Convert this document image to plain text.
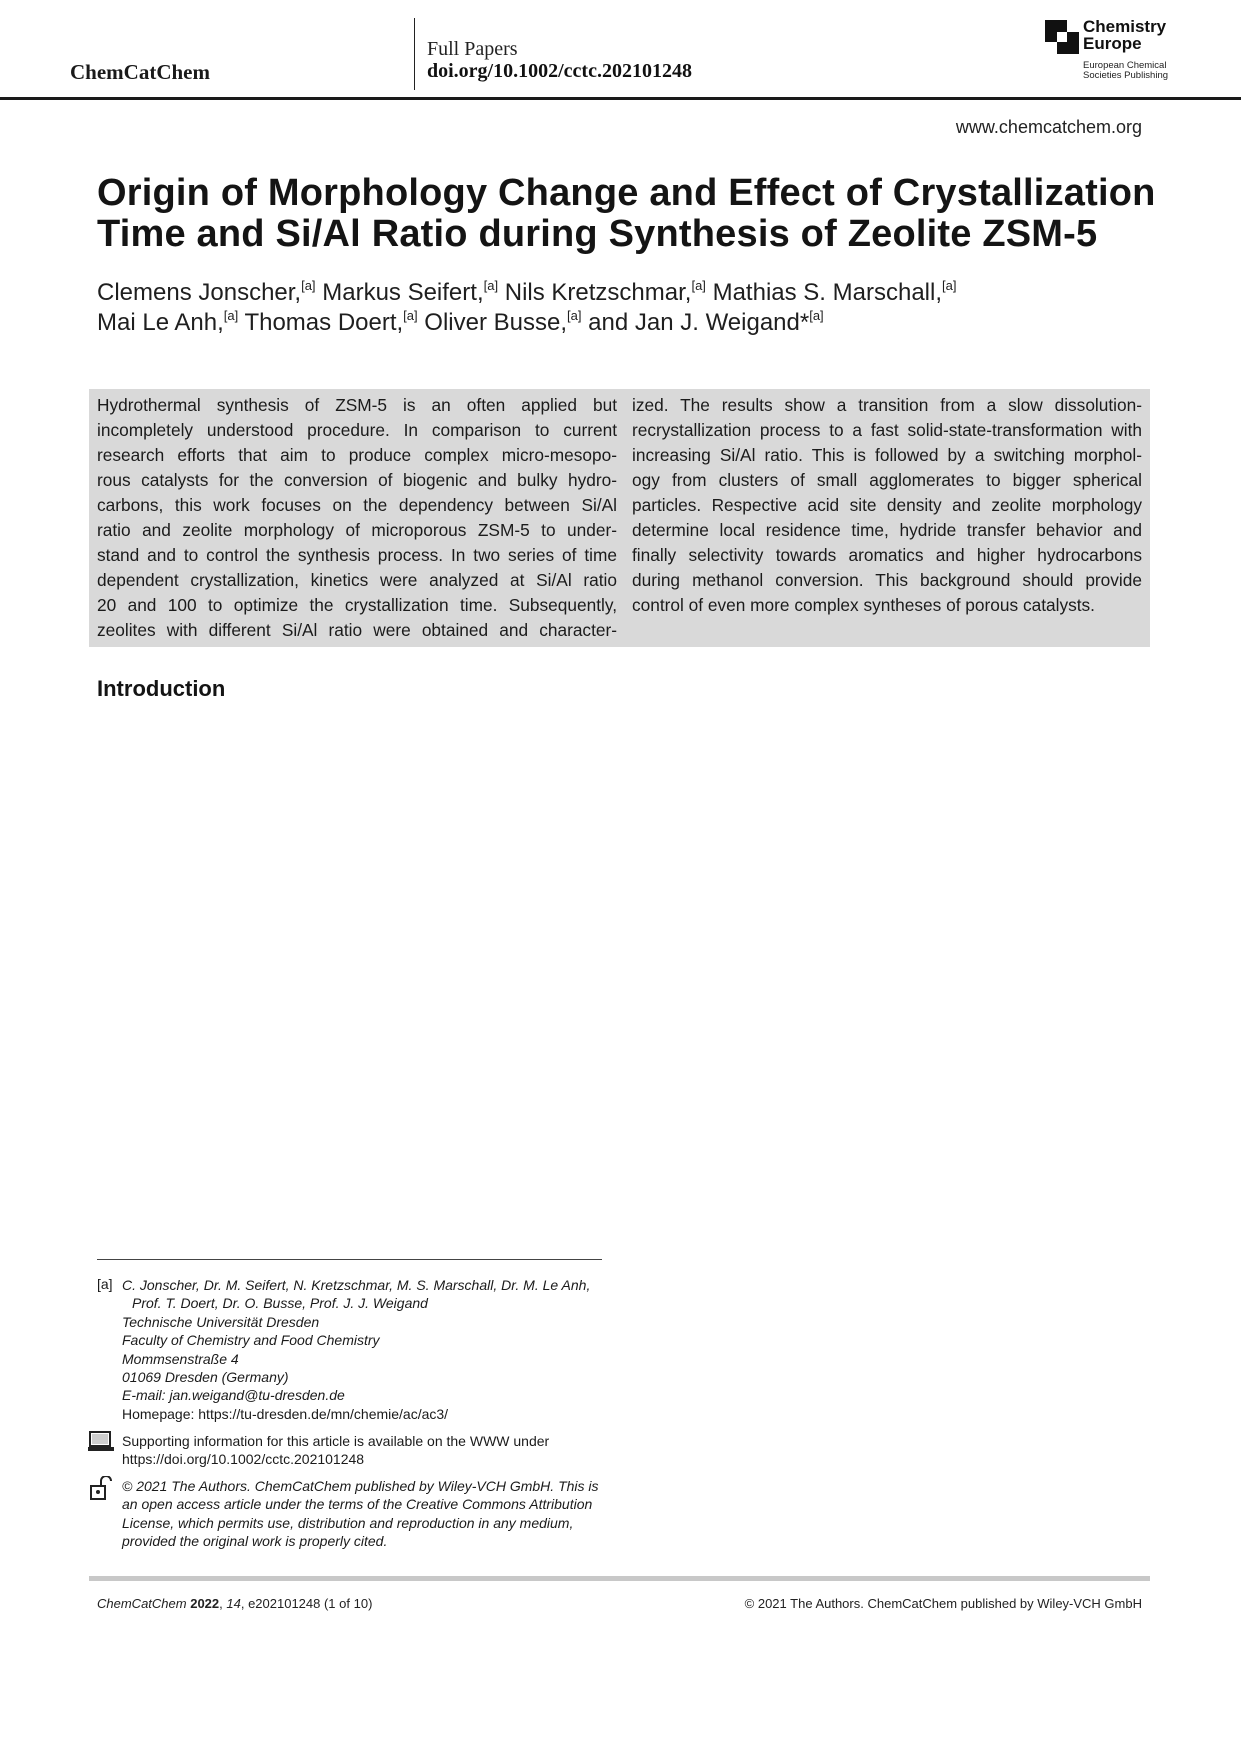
ChemCatChem
Full Papers
doi.org/10.1002/cctc.202101248
Chemistry
Europe
European Chemical
Societies Publishing
www.chemcatchem.org
Origin of Morphology Change and Effect of Crystallization
Time and Si/Al Ratio during Synthesis of Zeolite ZSM-5
Clemens Jonscher,[a] Markus Seifert,[a] Nils Kretzschmar,[a] Mathias S. Marschall,[a]
Mai Le Anh,[a] Thomas Doert,[a] Oliver Busse,[a] and Jan J. Weigand*[a]
Hydrothermal synthesis of ZSM-5 is an often applied but
incompletely understood procedure. In comparison to current
research efforts that aim to produce complex micro-mesopo-
rous catalysts for the conversion of biogenic and bulky hydro-
carbons, this work focuses on the dependency between Si/Al
ratio and zeolite morphology of microporous ZSM-5 to under-
stand and to control the synthesis process. In two series of time
dependent crystallization, kinetics were analyzed at Si/Al ratio
20 and 100 to optimize the crystallization time. Subsequently,
zeolites with different Si/Al ratio were obtained and character-
ized. The results show a transition from a slow dissolution-
recrystallization process to a fast solid-state-transformation with
increasing Si/Al ratio. This is followed by a switching morphol-
ogy from clusters of small agglomerates to bigger spherical
particles. Respective acid site density and zeolite morphology
determine local residence time, hydride transfer behavior and
finally selectivity towards aromatics and higher hydrocarbons
during methanol conversion. This background should provide
control of even more complex syntheses of porous catalysts.
Introduction
[a] C. Jonscher, Dr. M. Seifert, N. Kretzschmar, M. S. Marschall, Dr. M. Le Anh,
Prof. T. Doert, Dr. O. Busse, Prof. J. J. Weigand
Technische Universität Dresden
Faculty of Chemistry and Food Chemistry
Mommsenstraße 4
01069 Dresden (Germany)
E-mail: jan.weigand@tu-dresden.de
Homepage: https://tu-dresden.de/mn/chemie/ac/ac3/
Supporting information for this article is available on the WWW under
https://doi.org/10.1002/cctc.202101248
© 2021 The Authors. ChemCatChem published by Wiley-VCH GmbH. This is
an open access article under the terms of the Creative Commons Attribution
License, which permits use, distribution and reproduction in any medium,
provided the original work is properly cited.
ChemCatChem 2022, 14, e202101248 (1 of 10)	© 2021 The Authors. ChemCatChem published by Wiley-VCH GmbH
